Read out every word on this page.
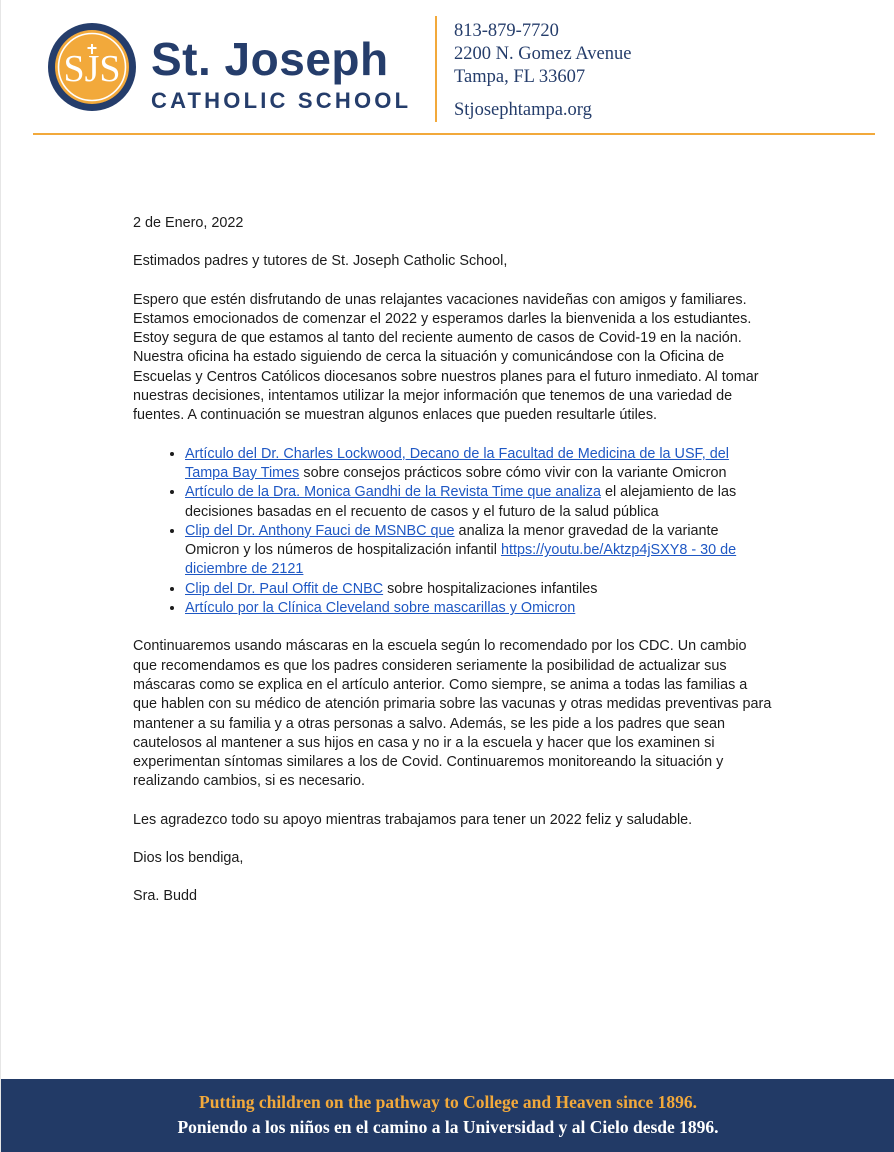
SJS St. Joseph
CATHOLIC SCHOOL
813-879-7720
2200 N. Gomez Avenue
Tampa, FL 33607
Stjosephtampa.org

2 de Enero, 2022

Estimados padres y tutores de St. Joseph Catholic School,

Espero que estén disfrutando de unas relajantes vacaciones navideñas con amigos y familiares. Estamos emocionados de comenzar el 2022 y esperamos darles la bienvenida a los estudiantes. Estoy segura de que estamos al tanto del reciente aumento de casos de Covid-19 en la nación. Nuestra oficina ha estado siguiendo de cerca la situación y comunicándose con la Oficina de Escuelas y Centros Católicos diocesanos sobre nuestros planes para el futuro inmediato. Al tomar nuestras decisiones, intentamos utilizar la mejor información que tenemos de una variedad de fuentes. A continuación se muestran algunos enlaces que pueden resultarle útiles.

• Artículo del Dr. Charles Lockwood, Decano de la Facultad de Medicina de la USF, del Tampa Bay Times sobre consejos prácticos sobre cómo vivir con la variante Omicron
• Artículo de la Dra. Monica Gandhi de la Revista Time que analiza el alejamiento de las decisiones basadas en el recuento de casos y el futuro de la salud pública
• Clip del Dr. Anthony Fauci de MSNBC que analiza la menor gravedad de la variante Omicron y los números de hospitalización infantil https://youtu.be/Aktzp4jSXY8 - 30 de diciembre de 2121
• Clip del Dr. Paul Offit de CNBC sobre hospitalizaciones infantiles
• Artículo por la Clínica Cleveland sobre mascarillas y Omicron

Continuaremos usando máscaras en la escuela según lo recomendado por los CDC. Un cambio que recomendamos es que los padres consideren seriamente la posibilidad de actualizar sus máscaras como se explica en el artículo anterior. Como siempre, se anima a todas las familias a que hablen con su médico de atención primaria sobre las vacunas y otras medidas preventivas para mantener a su familia y a otras personas a salvo. Además, se les pide a los padres que sean cautelosos al mantener a sus hijos en casa y no ir a la escuela y hacer que los examinen si experimentan síntomas similares a los de Covid. Continuaremos monitoreando la situación y realizando cambios, si es necesario.

Les agradezco todo su apoyo mientras trabajamos para tener un 2022 feliz y saludable.

Dios los bendiga,

Sra. Budd

Putting children on the pathway to College and Heaven since 1896.
Poniendo a los niños en el camino a la Universidad y al Cielo desde 1896.
